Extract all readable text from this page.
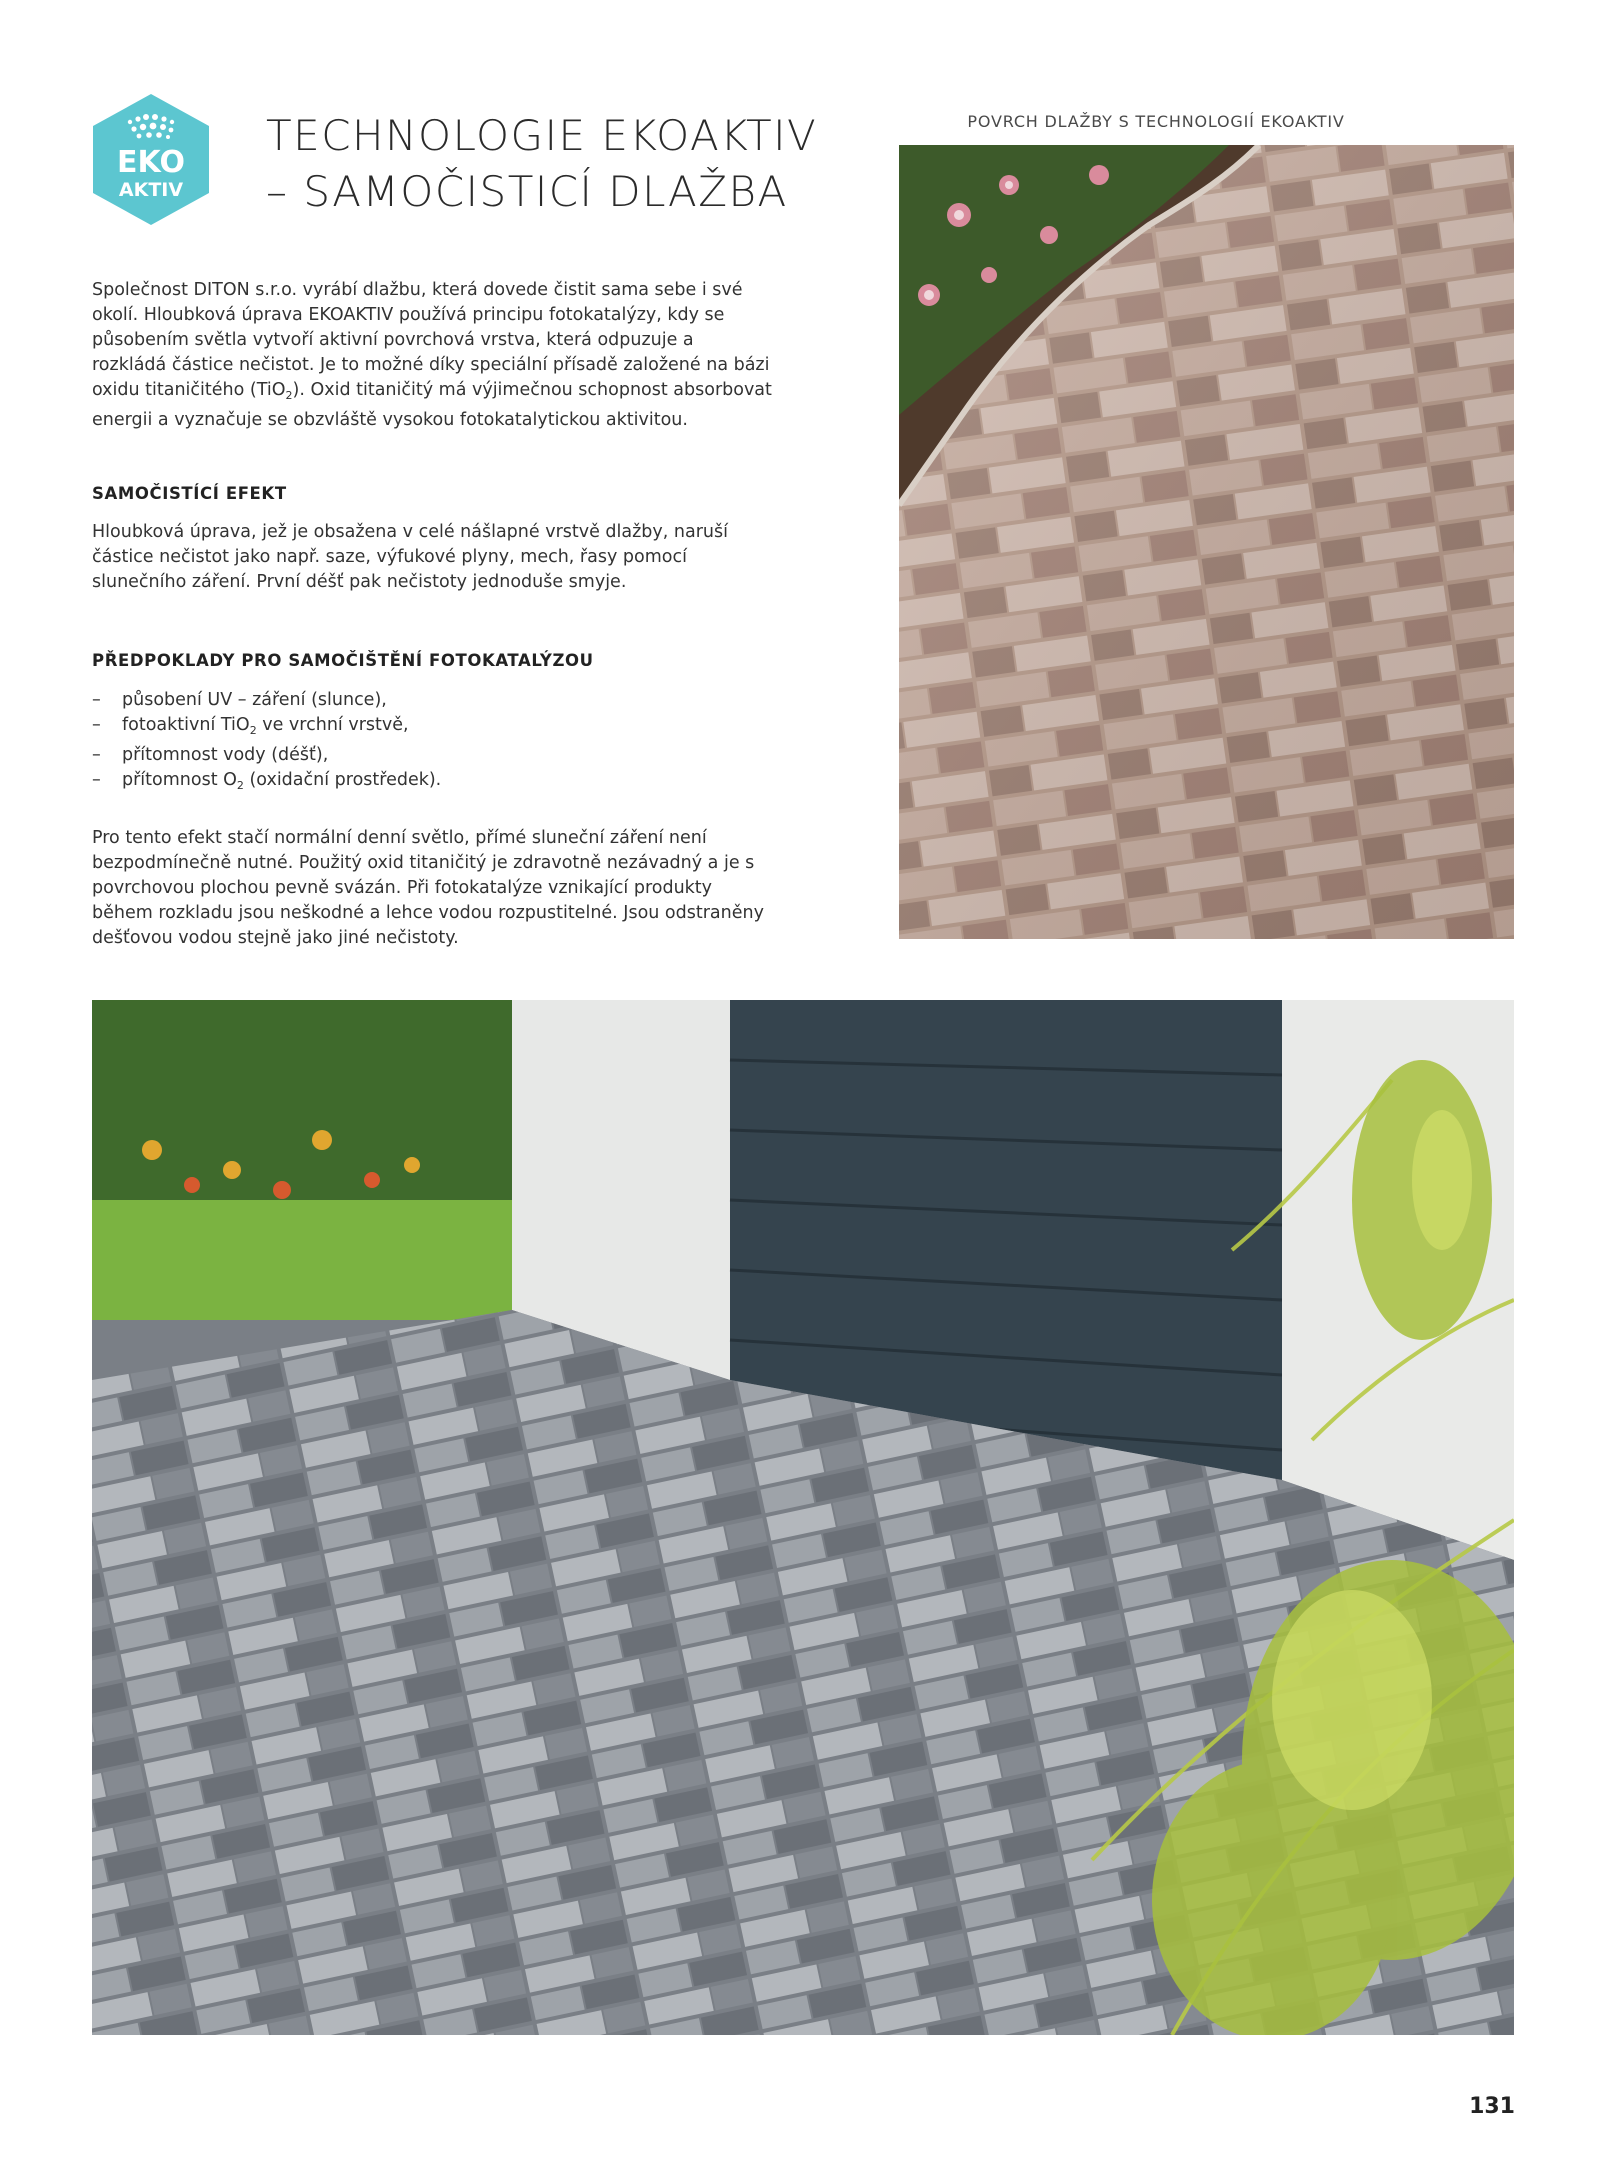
EKO
AKTIV
TECHNOLOGIE EKOAKTIV
– SAMOČISTICÍ DLAŽBA

Společnost DITON s.r.o. vyrábí dlažbu, která dovede čistit sama sebe i své okolí. Hloubková úprava EKOAKTIV používá principu fotokatalýzy, kdy se působením světla vytvoří aktivní povrchová vrstva, která odpuzuje a rozkládá částice nečistot. Je to možné díky speciální přísadě založené na bázi oxidu titaničitého (TiO$_2$). Oxid titaničitý má výjimečnou schopnost absorbovat energii a vyznačuje se obzvláště vysokou fotokatalytickou aktivitou.

SAMOČISTÍCÍ EFEKT

Hloubková úprava, jež je obsažena v celé nášlapné vrstvě dlažby, naruší částice nečistot jako např. saze, výfukové plyny, mech, řasy pomocí slunečního záření. První déšť pak nečistoty jednoduše smyje.

PŘEDPOKLADY PRO SAMOČIŠTĚNÍ FOTOKATALÝZOU
– působení UV – záření (slunce),
– fotoaktivní TiO$_2$ ve vrchní vrstvě,
– přítomnost vody (déšť),
– přítomnost $O_2$ (oxidační prostředek).

Pro tento efekt stačí normální denní světlo, přímé sluneční záření není bezpodmínečně nutné. Použitý oxid titaničitý je zdravotně nezávadný a je s povrchovou plochou pevně svázán. Při fotokatalýze vznikající produkty během rozkladu jsou neškodné a lehce vodou rozpustitelné. Jsou odstraněny dešťovou vodou stejně jako jiné nečistoty.

POVRCH DLAŽBY S TECHNOLOGIÍ EKOAKTIV
131
